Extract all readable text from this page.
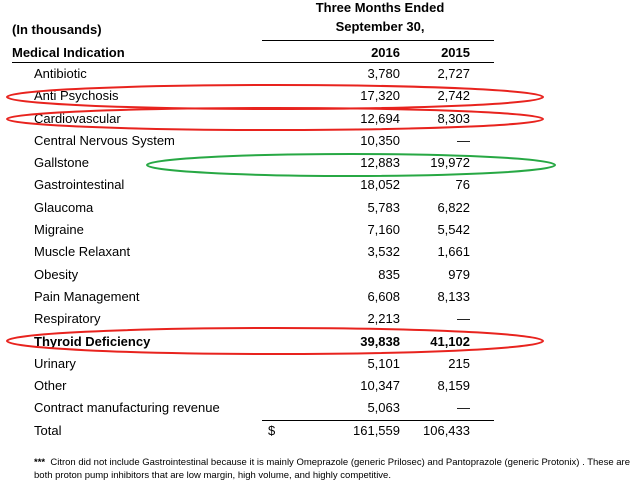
Three Months Ended
September 30,
(In thousands)
Medical Indication	2016	2015
Antibiotic	3,780	2,727
Anti Psychosis	17,320	2,742
Cardiovascular	12,694	8,303
Central Nervous System	10,350	—
Gallstone	12,883	19,972
Gastrointestinal	18,052	76
Glaucoma	5,783	6,822
Migraine	7,160	5,542
Muscle Relaxant	3,532	1,661
Obesity	835	979
Pain Management	6,608	8,133
Respiratory	2,213	—
Thyroid Deficiency	39,838	41,102
Urinary	5,101	215
Other	10,347	8,159
Contract manufacturing revenue	5,063	—
Total	$	161,559 106,433
*** Citron did not include Gastrointestinal because it is mainly Omeprazole (generic Prilosec) and Pantoprazole (generic Protonix) . These are both proton pump inhibitors that are low margin, high volume, and highly competitive.
